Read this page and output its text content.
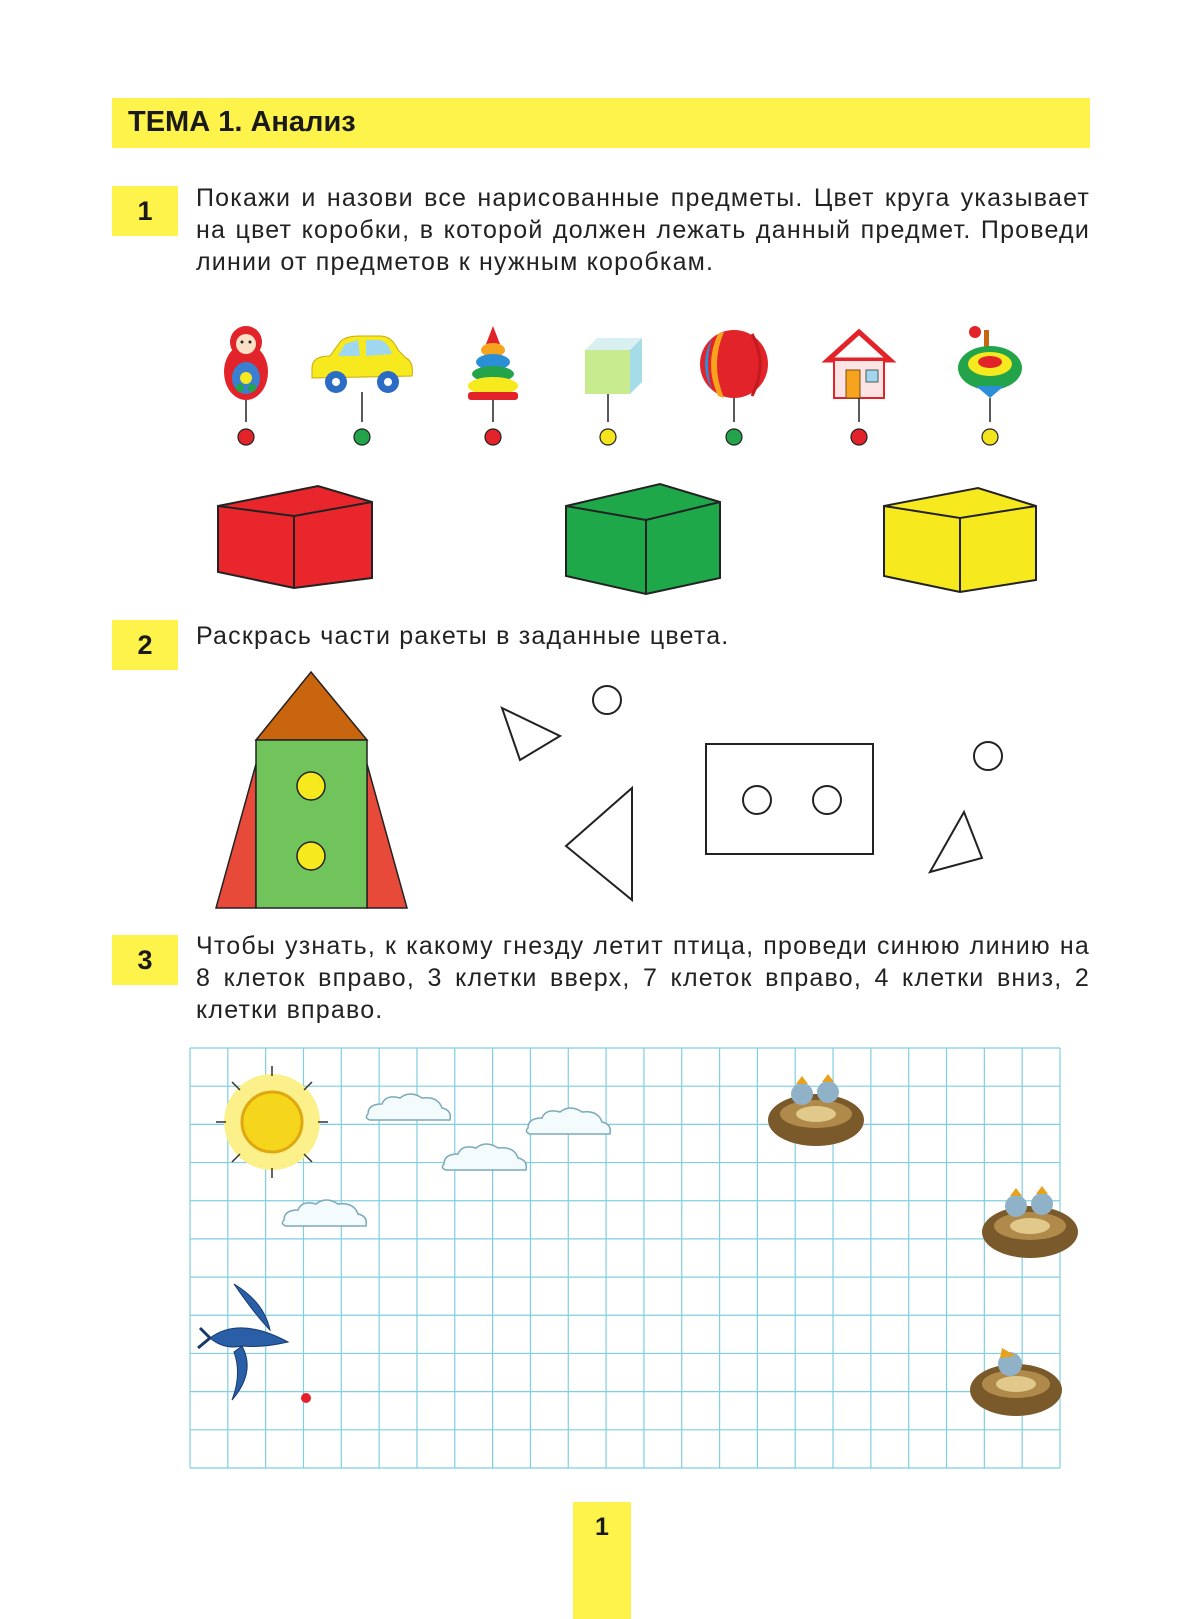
ТЕМА 1. Анализ
1	Покажи и назови все нарисованные предметы. Цвет круга указывает на цвет коробки, в которой должен лежать данный предмет. Проведи линии от предметов к нужным коробкам.
2	Раскрась части ракеты в заданные цвета.
3	Чтобы узнать, к какому гнезду летит птица, проведи синюю линию на 8 клеток вправо, 3 клетки вверх, 7 клеток вправо, 4 клетки вниз, 2 клетки вправо.
1
